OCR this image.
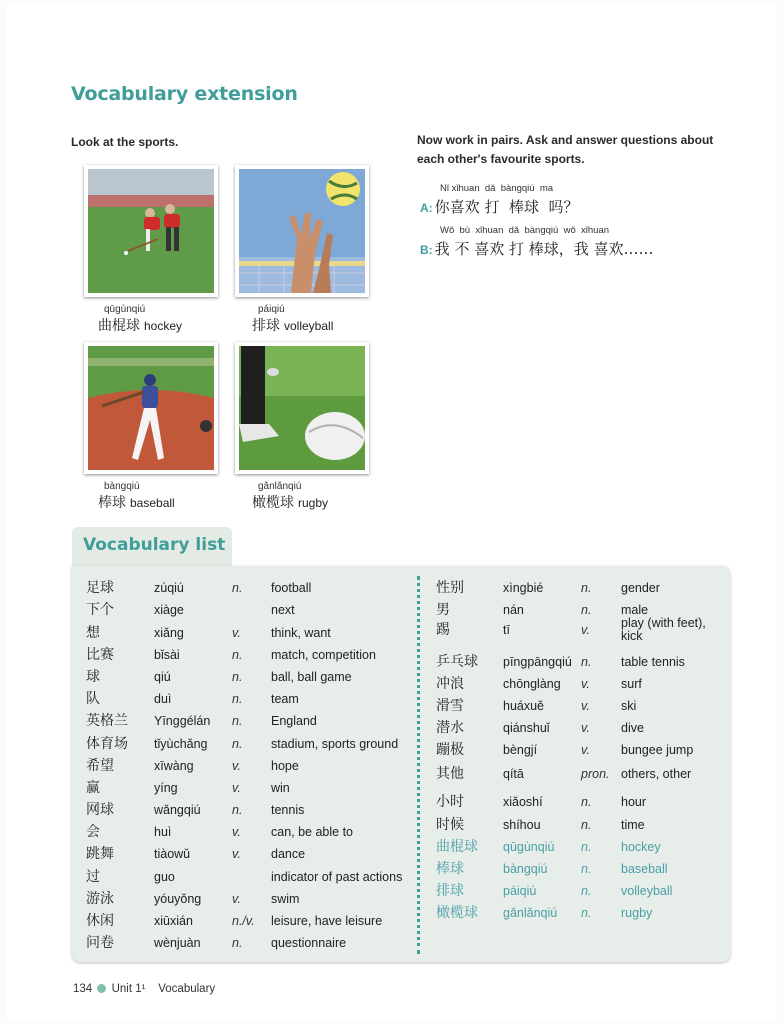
Vocabulary extension
Look at the sports.	Now work in pairs. Ask and answer questions about
each other's favourite sports.
qūgùnqiú
曲棍球 hockey
páiqiú
排球 volleyball
bàngqiú
棒球 baseball
gǎnlǎnqiú
橄榄球 rugby
Nǐ xǐhuan  dǎ  bàngqiú  ma
A: 你喜欢 打  棒球  吗？
Wǒ  bù  xǐhuan  dǎ  bàngqiú  wǒ  xǐhuan
B: 我 不 喜欢 打 棒球，我 喜欢……
Vocabulary list
足球	zúqiú	n. football
下个	xiàge	next
想	xiǎng	v. think, want
比赛	bǐsài	n. match, competition
球	qiú	n. ball, ball game
队	duì	n. team
英格兰 Yīnggélán n. England
体育场 tǐyùchǎng n. stadium, sports ground
希望	xīwàng	v. hope
赢	yíng	v. win
网球	wǎngqiú	n. tennis
会	huì	v. can, be able to
跳舞	tiàowǔ	v. dance
过	guo	indicator of past actions
游泳	yóuyǒng v. swim
休闲	xiūxián	n./v. leisure, have leisure
问卷	wènjuàn	n. questionnaire
性别	xìngbié	n. gender
男	nán	n. male
踢	tī	v. play (with feet), kick
乒乓球 pīngpāngqiú n. table tennis
冲浪	chōnglàng v. surf
滑雪	huáxuě	v. ski
潜水	qiánshuǐ	v. dive
蹦极	bèngjí	v. bungee jump
其他	qítā	pron. others, other
小时	xiǎoshí	n. hour
时候	shíhou	n. time
曲棍球 qūgùnqiú n. hockey
棒球	bàngqiú	n. baseball
排球	páiqiú	n. volleyball
橄榄球 gǎnlǎnqiú n. rugby
134 Unit 1¹ Vocabulary
